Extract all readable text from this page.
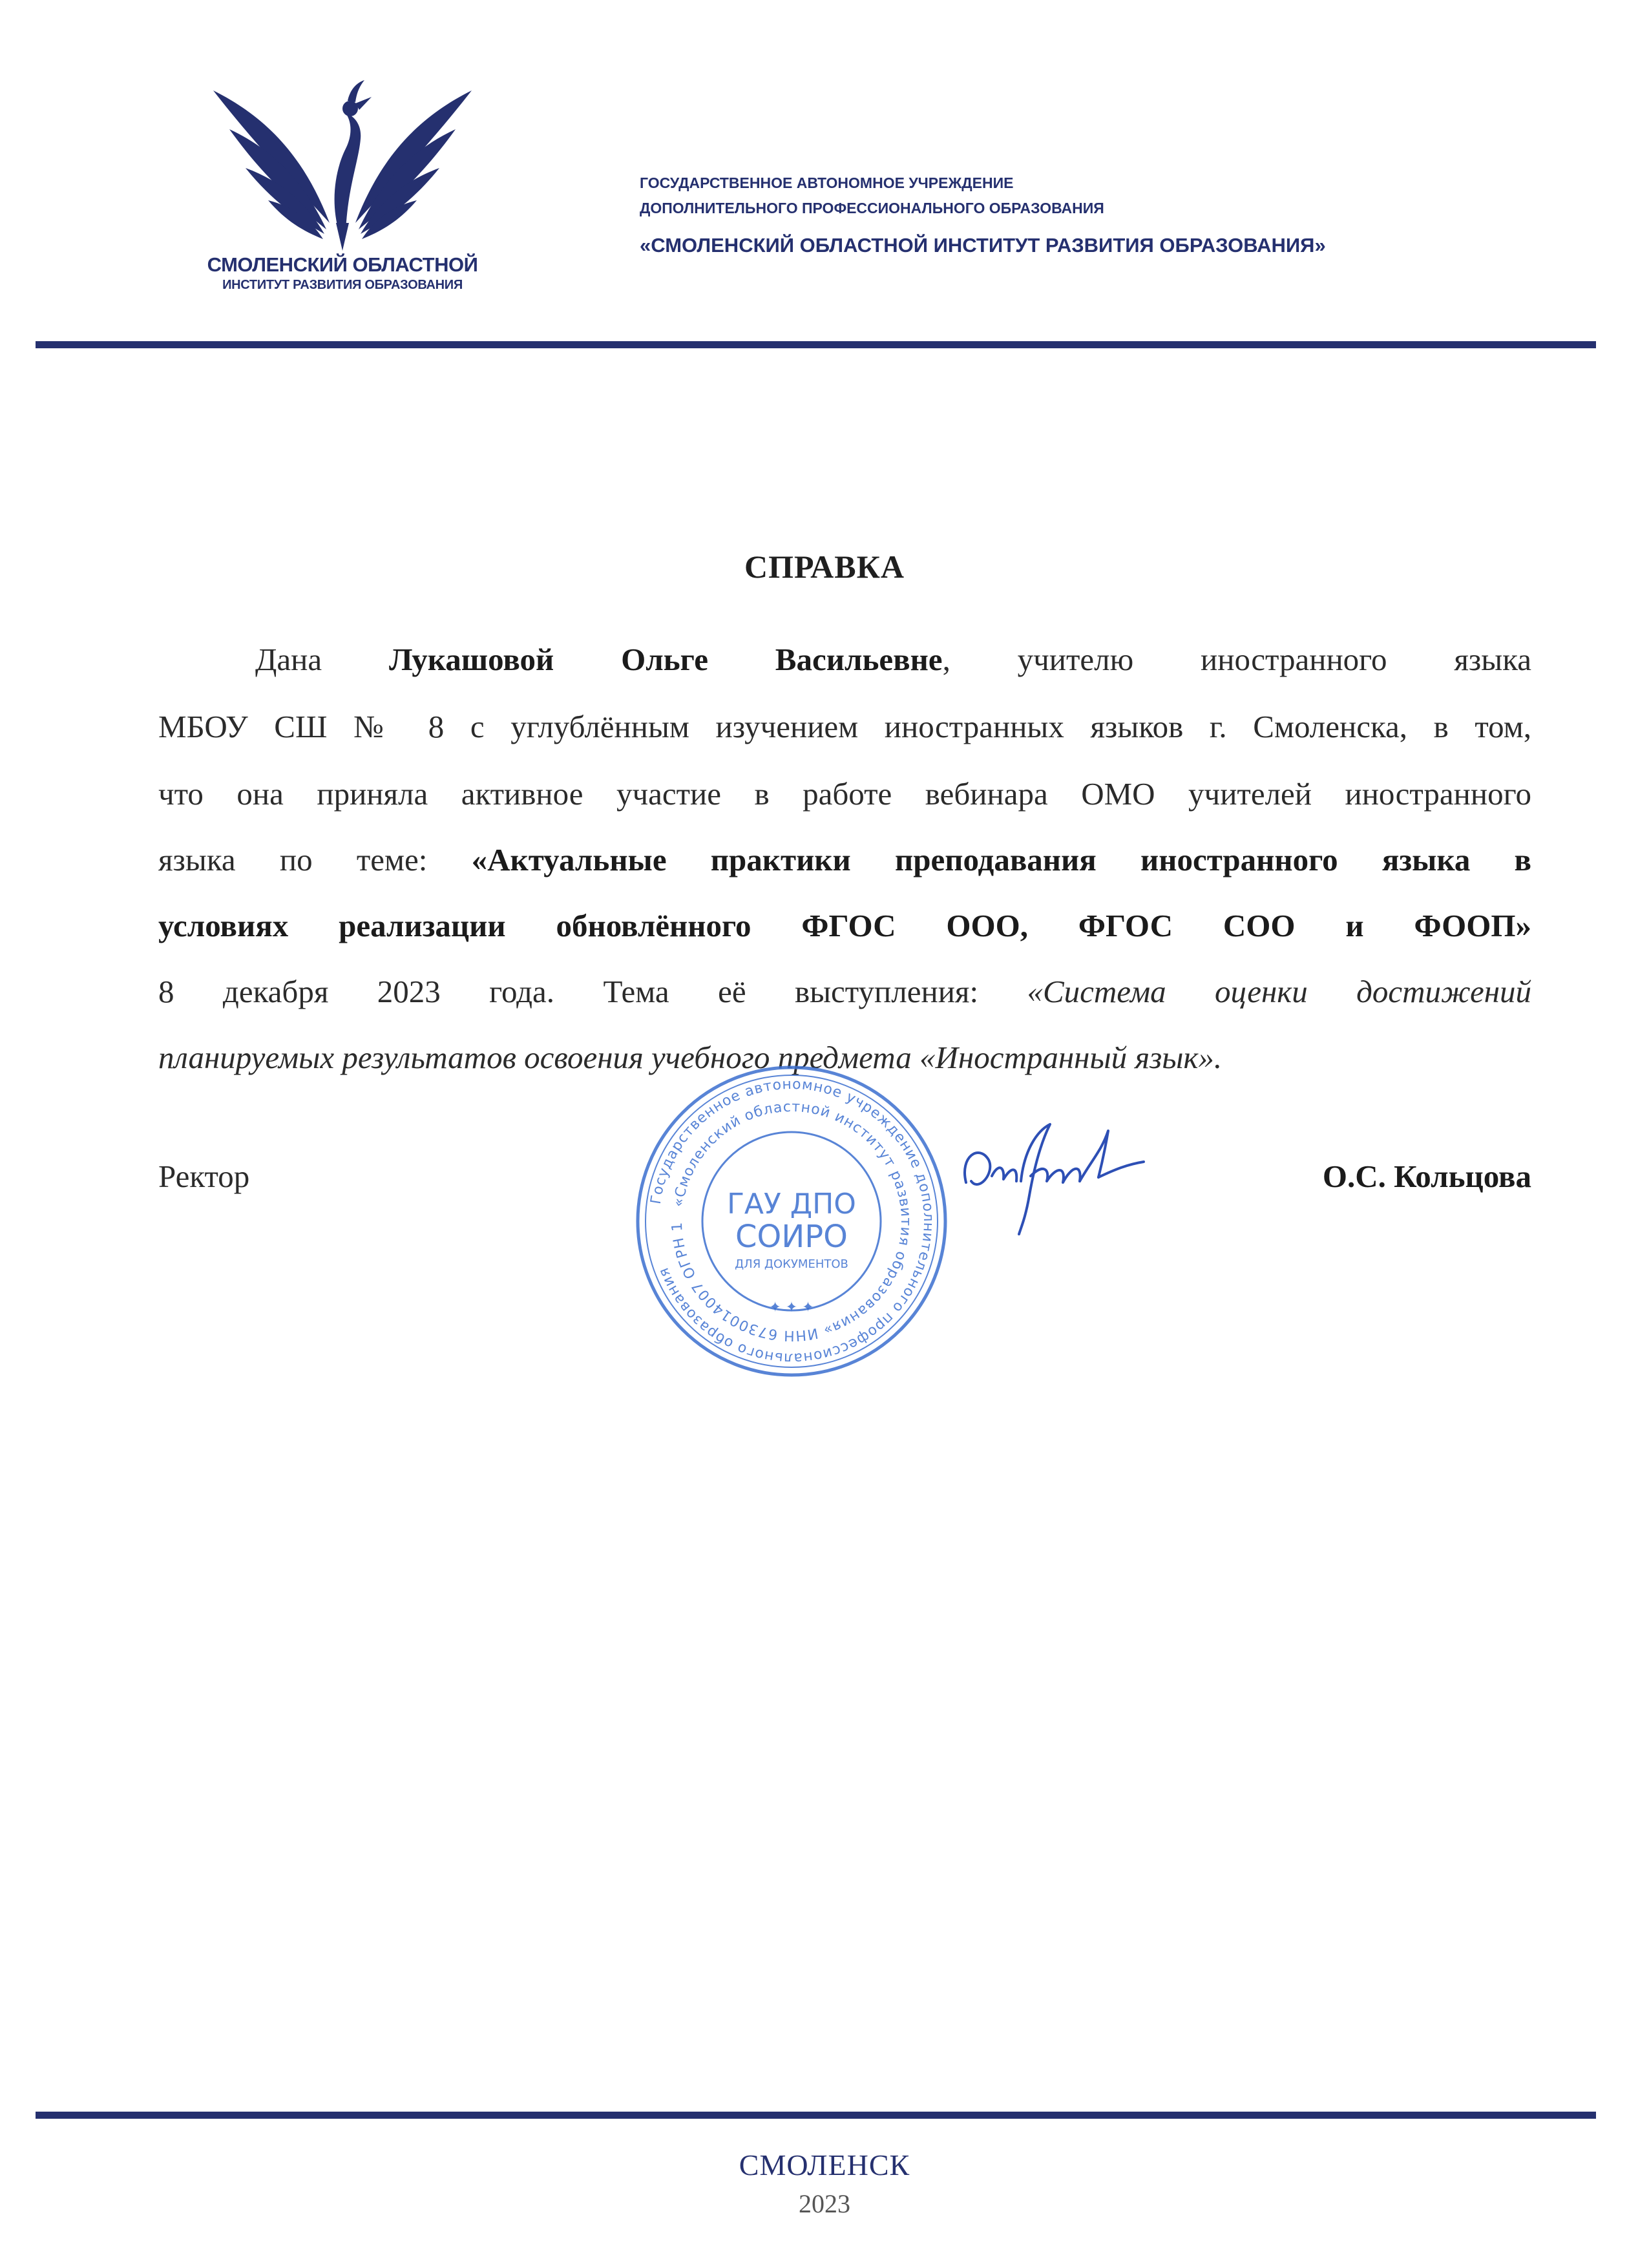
СМОЛЕНСКИЙ ОБЛАСТНОЙ
ИНСТИТУТ РАЗВИТИЯ ОБРАЗОВАНИЯ
ГОСУДАРСТВЕННОЕ АВТОНОМНОЕ УЧРЕЖДЕНИЕ
ДОПОЛНИТЕЛЬНОГО ПРОФЕССИОНАЛЬНОГО ОБРАЗОВАНИЯ
«СМОЛЕНСКИЙ ОБЛАСТНОЙ ИНСТИТУТ РАЗВИТИЯ ОБРАЗОВАНИЯ»
СПРАВКА
Дана Лукашовой Ольге Васильевне, учителю иностранного языка
МБОУ СШ № 8 с углублённым изучением иностранных языков г. Смоленска, в том,
что она приняла активное участие в работе вебинара ОМО учителей иностранного
языка по теме: «Актуальные практики преподавания иностранного языка в
условиях реализации обновлённого ФГОС ООО, ФГОС СОО и ФООП»
8 декабря 2023 года. Тема её выступления: «Система оценки достижений
планируемых результатов освоения учебного предмета «Иностранный язык».
Ректор	О.С. Кольцова
Государственное автономное учреждение дополнительного профессионального образования
«Смоленский областной институт развития образования» ИНН 6730014007 ОГРН 1
ГАУ ДПО
СОИРО
ДЛЯ ДОКУМЕНТОВ
✦ ✦ ✦
СМОЛЕНСК
2023
